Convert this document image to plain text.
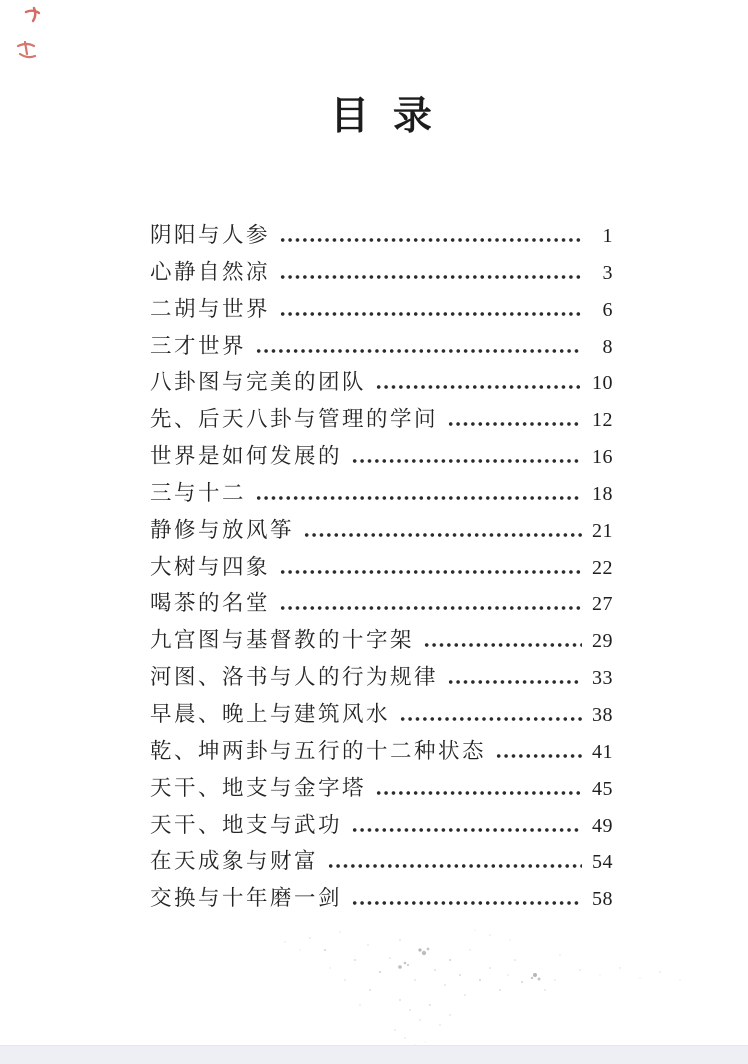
目 录
阴阳与人参	1
心静自然凉	3
二胡与世界	6
三才世界	8
八卦图与完美的团队	10
先、后天八卦与管理的学问	12
世界是如何发展的	16
三与十二	18
静修与放风筝	21
大树与四象	22
喝茶的名堂	27
九宫图与基督教的十字架	29
河图、洛书与人的行为规律	33
早晨、晚上与建筑风水	38
乾、坤两卦与五行的十二种状态	41
天干、地支与金字塔	45
天干、地支与武功	49
在天成象与财富	54
交换与十年磨一剑	58
